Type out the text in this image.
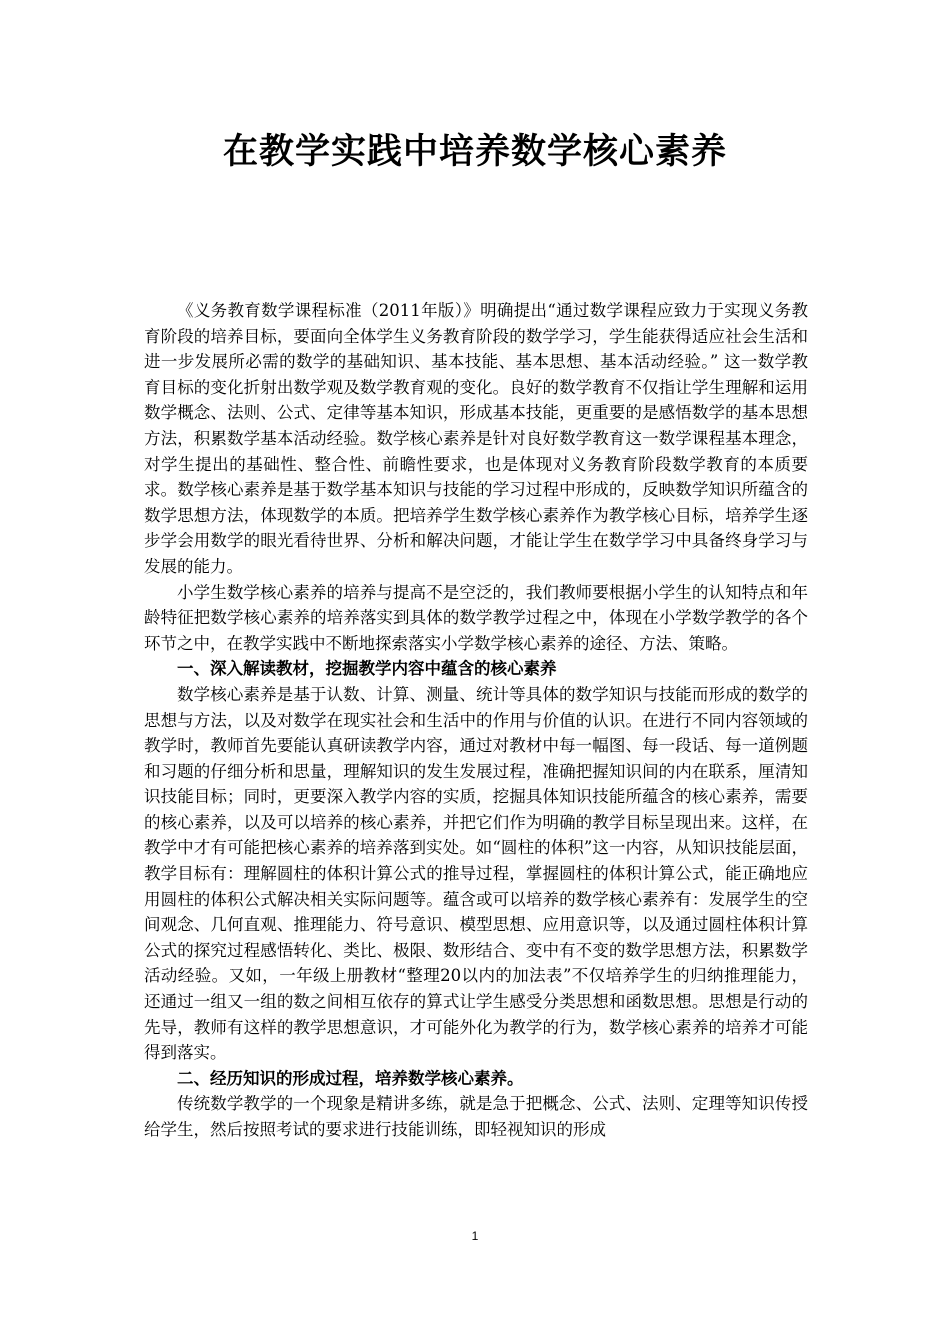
在教学实践中培养数学核心素养

《义务教育数学课程标准（2011年版）》明确提出“通过数学课程应致力于实现义务教育阶段的培养目标，要面向全体学生义务教育阶段的数学学习，学生能获得适应社会生活和进一步发展所必需的数学的基础知识、基本技能、基本思想、基本活动经验。” 这一数学教育目标的变化折射出数学观及数学教育观的变化。良好的数学教育不仅指让学生理解和运用数学概念、法则、公式、定律等基本知识，形成基本技能，更重要的是感悟数学的基本思想方法，积累数学基本活动经验。数学核心素养是针对良好数学教育这一数学课程基本理念，对学生提出的基础性、整合性、前瞻性要求，也是体现对义务教育阶段数学教育的本质要求。数学核心素养是基于数学基本知识与技能的学习过程中形成的，反映数学知识所蕴含的数学思想方法，体现数学的本质。把培养学生数学核心素养作为教学核心目标，培养学生逐步学会用数学的眼光看待世界、分析和解决问题，才能让学生在数学学习中具备终身学习与发展的能力。

小学生数学核心素养的培养与提高不是空泛的，我们教师要根据小学生的认知特点和年龄特征把数学核心素养的培养落实到具体的数学教学过程之中，体现在小学数学教学的各个环节之中，在教学实践中不断地探索落实小学数学核心素养的途径、方法、策略。

一、深入解读教材，挖掘教学内容中蕴含的核心素养

数学核心素养是基于认数、计算、测量、统计等具体的数学知识与技能而形成的数学的思想与方法，以及对数学在现实社会和生活中的作用与价值的认识。在进行不同内容领域的教学时，教师首先要能认真研读教学内容，通过对教材中每一幅图、每一段话、每一道例题和习题的仔细分析和思量，理解知识的发生发展过程，准确把握知识间的内在联系，厘清知识技能目标；同时，更要深入教学内容的实质，挖掘具体知识技能所蕴含的核心素养，需要的核心素养，以及可以培养的核心素养，并把它们作为明确的教学目标呈现出来。这样，在教学中才有可能把核心素养的培养落到实处。如“圆柱的体积”这一内容，从知识技能层面，教学目标有：理解圆柱的体积计算公式的推导过程，掌握圆柱的体积计算公式，能正确地应用圆柱的体积公式解决相关实际问题等。蕴含或可以培养的数学核心素养有：发展学生的空间观念、几何直观、推理能力、符号意识、模型思想、应用意识等，以及通过圆柱体积计算公式的探究过程感悟转化、类比、极限、数形结合、变中有不变的数学思想方法，积累数学活动经验。又如，一年级上册教材“整理20以内的加法表”不仅培养学生的归纳推理能力，还通过一组又一组的数之间相互依存的算式让学生感受分类思想和函数思想。思想是行动的先导，教师有这样的教学思想意识，才可能外化为教学的行为，数学核心素养的培养才可能得到落实。

二、经历知识的形成过程，培养数学核心素养。

传统数学教学的一个现象是精讲多练，就是急于把概念、公式、法则、定理等知识传授给学生，然后按照考试的要求进行技能训练，即轻视知识的形成

1
